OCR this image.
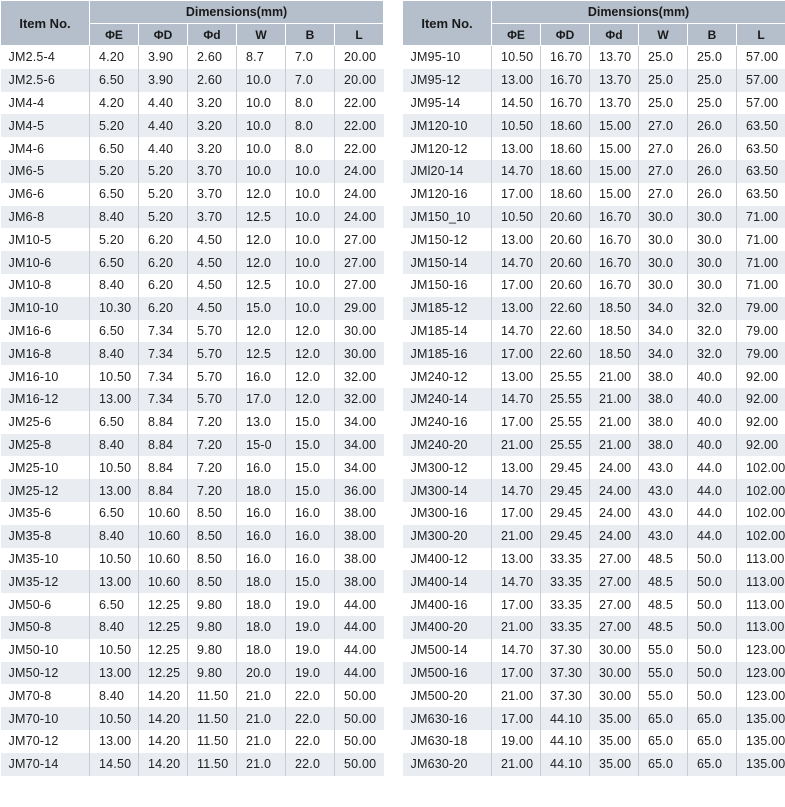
Item No.	Dimensions(mm)					
	ΦE	ΦD	Φd	W	B	L
JM2.5-4	4.20	3.90	2.60	8.7	7.0	20.00
JM2.5-6	6.50	3.90	2.60	10.0	7.0	20.00
JM4-4	4.20	4.40	3.20	10.0	8.0	22.00
JM4-5	5.20	4.40	3.20	10.0	8.0	22.00
JM4-6	6.50	4.40	3.20	10.0	8.0	22.00
JM6-5	5.20	5.20	3.70	10.0	10.0	24.00
JM6-6	6.50	5.20	3.70	12.0	10.0	24.00
JM6-8	8.40	5.20	3.70	12.5	10.0	24.00
JM10-5	5.20	6.20	4.50	12.0	10.0	27.00
JM10-6	6.50	6.20	4.50	12.0	10.0	27.00
JM10-8	8.40	6.20	4.50	12.5	10.0	27.00
JM10-10	10.30	6.20	4.50	15.0	10.0	29.00
JM16-6	6.50	7.34	5.70	12.0	12.0	30.00
JM16-8	8.40	7.34	5.70	12.5	12.0	30.00
JM16-10	10.50	7.34	5.70	16.0	12.0	32.00
JM16-12	13.00	7.34	5.70	17.0	12.0	32.00
JM25-6	6.50	8.84	7.20	13.0	15.0	34.00
JM25-8	8.40	8.84	7.20	15-0	15.0	34.00
JM25-10	10.50	8.84	7.20	16.0	15.0	34.00
JM25-12	13.00	8.84	7.20	18.0	15.0	36.00
JM35-6	6.50	10.60	8.50	16.0	16.0	38.00
JM35-8	8.40	10.60	8.50	16.0	16.0	38.00
JM35-10	10.50	10.60	8.50	16.0	16.0	38.00
JM35-12	13.00	10.60	8.50	18.0	15.0	38.00
JM50-6	6.50	12.25	9.80	18.0	19.0	44.00
JM50-8	8.40	12.25	9.80	18.0	19.0	44.00
JM50-10	10.50	12.25	9.80	18.0	19.0	44.00
JM50-12	13.00	12.25	9.80	20.0	19.0	44.00
JM70-8	8.40	14.20	11.50	21.0	22.0	50.00
JM70-10	10.50	14.20	11.50	21.0	22.0	50.00
JM70-12	13.00	14.20	11.50	21.0	22.0	50.00
JM70-14	14.50	14.20	11.50	21.0	22.0	50.00
Item No.	Dimensions(mm)					
	ΦE	ΦD	Φd	W	B	L
JM95-10	10.50	16.70	13.70	25.0	25.0	57.00
JM95-12	13.00	16.70	13.70	25.0	25.0	57.00
JM95-14	14.50	16.70	13.70	25.0	25.0	57.00
JM120-10	10.50	18.60	15.00	27.0	26.0	63.50
JM120-12	13.00	18.60	15.00	27.0	26.0	63.50
JMl20-14	14.70	18.60	15.00	27.0	26.0	63.50
JM120-16	17.00	18.60	15.00	27.0	26.0	63.50
JM150_10	10.50	20.60	16.70	30.0	30.0	71.00
JM150-12	13.00	20.60	16.70	30.0	30.0	71.00
JM150-14	14.70	20.60	16.70	30.0	30.0	71.00
JM150-16	17.00	20.60	16.70	30.0	30.0	71.00
JM185-12	13.00	22.60	18.50	34.0	32.0	79.00
JM185-14	14.70	22.60	18.50	34.0	32.0	79.00
JM185-16	17.00	22.60	18.50	34.0	32.0	79.00
JM240-12	13.00	25.55	21.00	38.0	40.0	92.00
JM240-14	14.70	25.55	21.00	38.0	40.0	92.00
JM240-16	17.00	25.55	21.00	38.0	40.0	92.00
JM240-20	21.00	25.55	21.00	38.0	40.0	92.00
JM300-12	13.00	29.45	24.00	43.0	44.0	102.00
JM300-14	14.70	29.45	24.00	43.0	44.0	102.00
JM300-16	17.00	29.45	24.00	43.0	44.0	102.00
JM300-20	21.00	29.45	24.00	43.0	44.0	102.00
JM400-12	13.00	33.35	27.00	48.5	50.0	113.00
JM400-14	14.70	33.35	27.00	48.5	50.0	113.00
JM400-16	17.00	33.35	27.00	48.5	50.0	113.00
JM400-20	21.00	33.35	27.00	48.5	50.0	113.00
JM500-14	14.70	37.30	30.00	55.0	50.0	123.00
JM500-16	17.00	37.30	30.00	55.0	50.0	123.00
JM500-20	21.00	37.30	30.00	55.0	50.0	123.00
JM630-16	17.00	44.10	35.00	65.0	65.0	135.00
JM630-18	19.00	44.10	35.00	65.0	65.0	135.00
JM630-20	21.00	44.10	35.00	65.0	65.0	135.00
